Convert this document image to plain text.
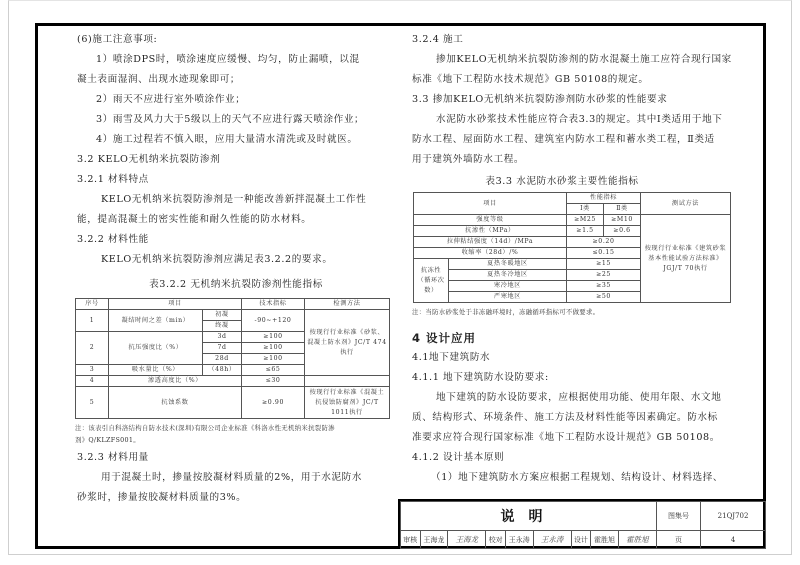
(6)施工注意事项:

1）喷涂DPS时，喷涂速度应缓慢、均匀，防止漏喷，以混

凝土表面湿润、出现水迹现象即可；

2）雨天不应进行室外喷涂作业；

3）雨雪及风力大于5级以上的天气不应进行露天喷涂作业；

4）施工过程若不慎入眼，应用大量清水清洗或及时就医。

3.2 KELO无机纳米抗裂防渗剂

3.2.1 材料特点

KELO无机纳米抗裂防渗剂是一种能改善新拌混凝土工作性

能，提高混凝土的密实性能和耐久性能的防水材料。

3.2.2 材料性能

KELO无机纳米抗裂防渗剂应满足表3.2.2的要求。

表3.2.2 无机纳米抗裂防渗剂性能指标

序号	项目		技术指标	检测方法
1	凝结时间之差（min）	初凝	-90~+120	按现行行业标准《砂浆、混凝土防水剂》JC/T 474执行
		终凝		
2	抗压强度比（%）	3d	≥100	
		7d	≥100	
		28d	≥100	
3	吸水量比（%）	（48h）	≤65	
4	渗透高度比（%）		≤30	
5	抗蚀系数		≥0.90	按现行行业标准《混凝土抗侵蚀防腐剂》JC/T 1011执行
注：该表引自科洛结构自防水技术(深圳)有限公司企业标准《科洛水性无机纳米抗裂防渗
剂》Q/KLZFS001。

3.2.3 材料用量

用于混凝土时，掺量按胶凝材料质量的2%，用于水泥防水

砂浆时，掺量按胶凝材料质量的3%。

3.2.4 施工

掺加KELO无机纳米抗裂防渗剂的防水混凝土施工应符合现行国家

标准《地下工程防水技术规范》GB 50108的规定。

3.3 掺加KELO无机纳米抗裂防渗剂防水砂浆的性能要求

水泥防水砂浆技术性能应符合表3.3的规定。其中Ⅰ类适用于地下

防水工程、屋面防水工程、建筑室内防水工程和蓄水类工程，Ⅱ类适

用于建筑外墙防水工程。

表3.3 水泥防水砂浆主要性能指标

项目		性能指标		测试方法
		Ⅰ类	Ⅱ类	
强度等级		≥M25	≥M10	按现行行业标准《建筑砂浆基本性能试验方法标准》JGJ/T 70执行
抗渗性（MPa）		≥1.5	≥0.6	
拉伸粘结强度（14d）/MPa		≥0.20		
收缩率（28d）/%		≤0.15		
抗冻性（循环次数）	夏热冬暖地区	≥15		
	夏热冬冷地区	≥25		
	寒冷地区	≥35		
	严寒地区	≥50		
注：当防水砂浆处于非冻融环境时，冻融循环指标可不做要求。

4 设计应用

4.1地下建筑防水

4.1.1 地下建筑防水设防要求:

地下建筑的防水设防要求，应根据使用功能、使用年限、水文地

质、结构形式、环境条件、施工方法及材料性能等因素确定。防水标

准要求应符合现行国家标准《地下工程防水设计规范》GB 50108。

4.1.2 设计基本原则

（1）地下建筑防水方案应根据工程规划、结构设计、材料选择、

说明									图集号	21QJ702
审核	王海龙	王海龙	校对	王永涛	王永涛	设计	霍胜旭	霍胜旭	页	4
